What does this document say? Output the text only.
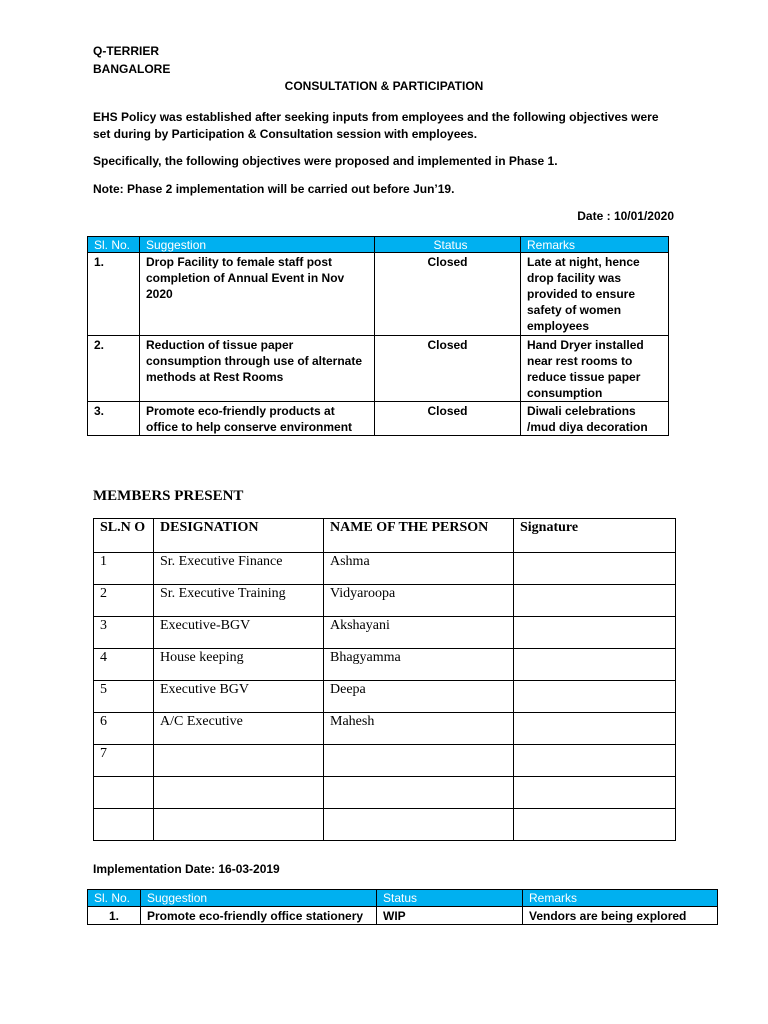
Q-TERRIER
BANGALORE
CONSULTATION & PARTICIPATION
EHS Policy was established after seeking inputs from employees and the following objectives were set during by Participation & Consultation session with employees.
Specifically, the following objectives were proposed and implemented in Phase 1.
Note: Phase 2 implementation will be carried out before Jun’19.
Date : 10/01/2020
Sl. No.	Suggestion	Status	Remarks
1.	Drop Facility to female staff post completion of Annual Event in Nov 2020	Closed	Late at night, hence drop facility was provided to ensure safety of women employees
2.	Reduction of tissue paper consumption through use of alternate methods at Rest Rooms	Closed	Hand Dryer installed near rest rooms to reduce tissue paper consumption
3.	Promote eco-friendly products at office to help conserve environment	Closed	Diwali celebrations /mud diya decoration
MEMBERS PRESENT
SL.N O	DESIGNATION	NAME OF THE PERSON	Signature
1	Sr. Executive Finance	Ashma	
2	Sr. Executive Training	Vidyaroopa	
3	Executive-BGV	Akshayani	
4	House keeping	Bhagyamma	
5	Executive BGV	Deepa	
6	A/C Executive	Mahesh	
7			

Implementation Date: 16-03-2019
Sl. No.	Suggestion	Status	Remarks
1.	Promote eco-friendly office stationery	WIP	Vendors are being explored
